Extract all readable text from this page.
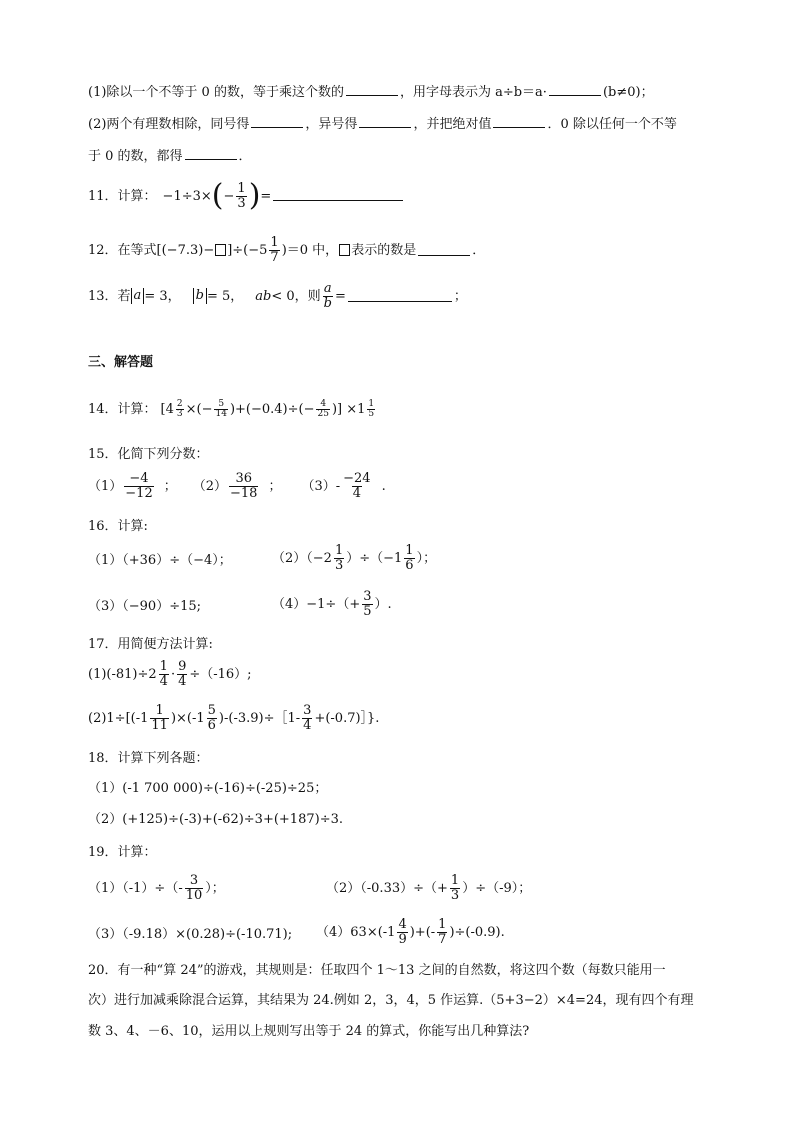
(1)除以一个不等于 0 的数，等于乘这个数的	，用字母表示为 a÷b＝a·	(b≠0)；
(2)两个有理数相除，同号得	，异号得	，并把绝对值	．0 除以任何一个不等
于 0 的数，都得	．
11．计算： −1÷3× ( − $\frac{1}{3}$ ) =
12．在等式$[(-7.3)- ]\div(-5 \frac{1}{7} )=0$ 中， 表示的数是	．
13．若 a = 3， b = 5， ab < 0，则 $\frac{a}{b}$ =	；
三、解答题
14．计算： [$4 \frac{2}{3}$ ×(− $\frac{5}{14} )+(-0.4)\div(- \frac{4}{25}$ )] $\times 1 \frac{1}{5}$
15．化简下列分数：
$(1) \frac{-4}{-12}$ ； $(2) \frac{36}{-18}$ ； $(3)- \frac{-24}{4}$ .
16．计算:
（1）（+36）÷（−4）；	$(2)(-2 \frac{1}{3} )\div(-1 \frac{1}{6}$ ）；
（3）（−90）÷15;	$(4)-1\div(+ \frac{3}{5}$ ）.
17．用简便方法计算:
$(1)(-81)\div 2 \frac{1}{4} \cdot \frac{9}{4} \div(-16)$;
$(2)1\div[(-1 \frac{1}{11} )\times(-1 \frac{5}{6}$ )-(-3.9)÷［1- $\frac{3}{4}$ +(-0.7)］}.
18．计算下列各题：
（1）(-1 700 000)÷(-16)÷(-25)÷25；
（2）(+125)÷(-3)+(-62)÷3+(+187)÷3.
19．计算：
$(1)(-1)\div(- \frac{3}{10}$ ）；	$(2)(-0.33)\div(+ \frac{1}{3} )\div(-9)$；
（3）（-9.18）×(0.28)÷(-10.71); $(4)63\times(-1 \frac{4}{9}$ )+(- $\frac{1}{7} )\div(-0.9)$.
20．有一种“算 24”的游戏，其规则是：任取四个 1～13 之间的自然数，将这四个数（每数只能用一
次）进行加减乘除混合运算，其结果为 24.例如 2，3，4，5 作运算.（5+3−2）×4=24，现有四个有理
数 3、4、－6、10，运用以上规则写出等于 24 的算式，你能写出几种算法?
